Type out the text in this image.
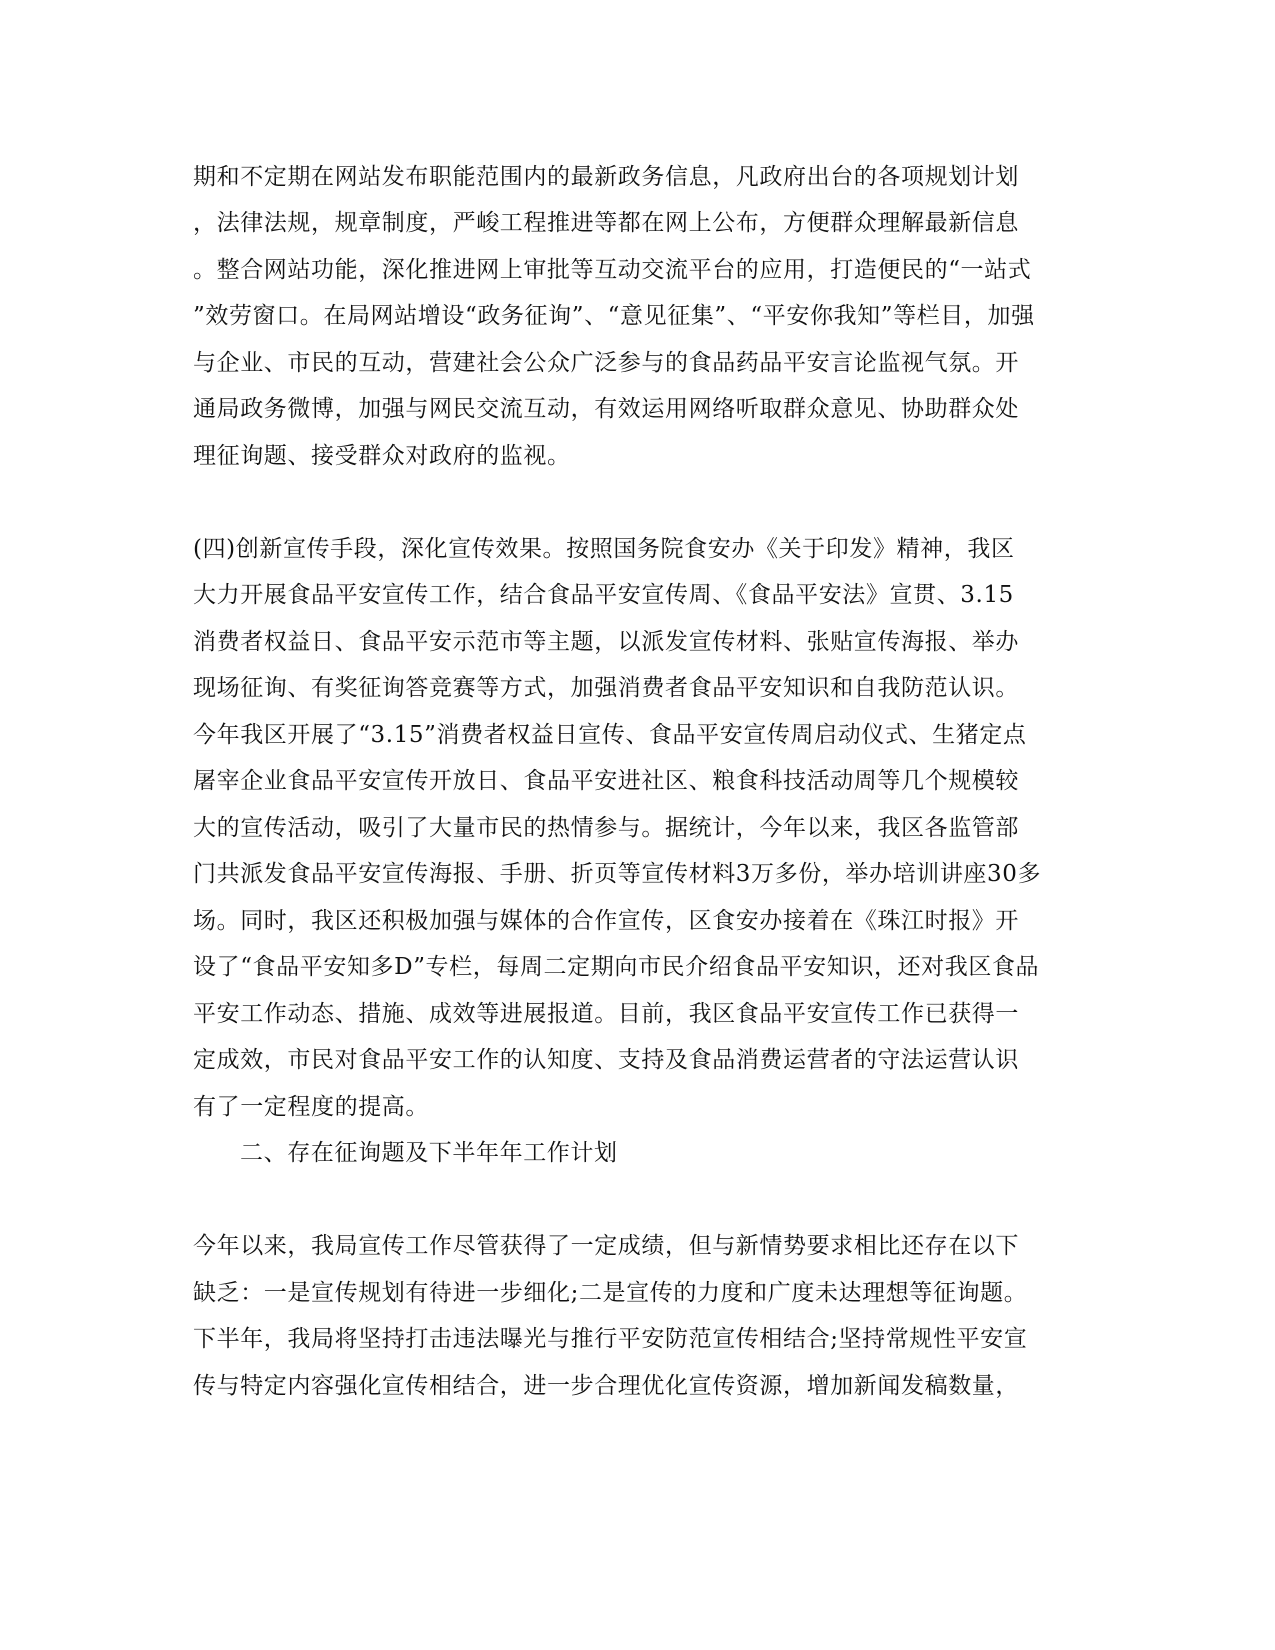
期和不定期在网站发布职能范围内的最新政务信息，凡政府出台的各项规划计划
，法律法规，规章制度，严峻工程推进等都在网上公布，方便群众理解最新信息
。整合网站功能，深化推进网上审批等互动交流平台的应用，打造便民的“一站式
”效劳窗口。在局网站增设“政务征询”、“意见征集”、“平安你我知”等栏目，加强
与企业、市民的互动，营建社会公众广泛参与的食品药品平安言论监视气氛。开
通局政务微博，加强与网民交流互动，有效运用网络听取群众意见、协助群众处
理征询题、接受群众对政府的监视。
(四)创新宣传手段，深化宣传效果。按照国务院食安办《关于印发》精神，我区
大力开展食品平安宣传工作，结合食品平安宣传周、《食品平安法》宣贯、3.15
消费者权益日、食品平安示范市等主题，以派发宣传材料、张贴宣传海报、举办
现场征询、有奖征询答竞赛等方式，加强消费者食品平安知识和自我防范认识。
今年我区开展了“3.15”消费者权益日宣传、食品平安宣传周启动仪式、生猪定点
屠宰企业食品平安宣传开放日、食品平安进社区、粮食科技活动周等几个规模较
大的宣传活动，吸引了大量市民的热情参与。据统计，今年以来，我区各监管部
门共派发食品平安宣传海报、手册、折页等宣传材料3万多份，举办培训讲座30多
场。同时，我区还积极加强与媒体的合作宣传，区食安办接着在《珠江时报》开
设了“食品平安知多D”专栏，每周二定期向市民介绍食品平安知识，还对我区食品
平安工作动态、措施、成效等进展报道。目前，我区食品平安宣传工作已获得一
定成效，市民对食品平安工作的认知度、支持及食品消费运营者的守法运营认识
有了一定程度的提高。
二、存在征询题及下半年年工作计划
今年以来，我局宣传工作尽管获得了一定成绩，但与新情势要求相比还存在以下
缺乏：一是宣传规划有待进一步细化;二是宣传的力度和广度未达理想等征询题。
下半年，我局将坚持打击违法曝光与推行平安防范宣传相结合;坚持常规性平安宣
传与特定内容强化宣传相结合，进一步合理优化宣传资源，增加新闻发稿数量，
